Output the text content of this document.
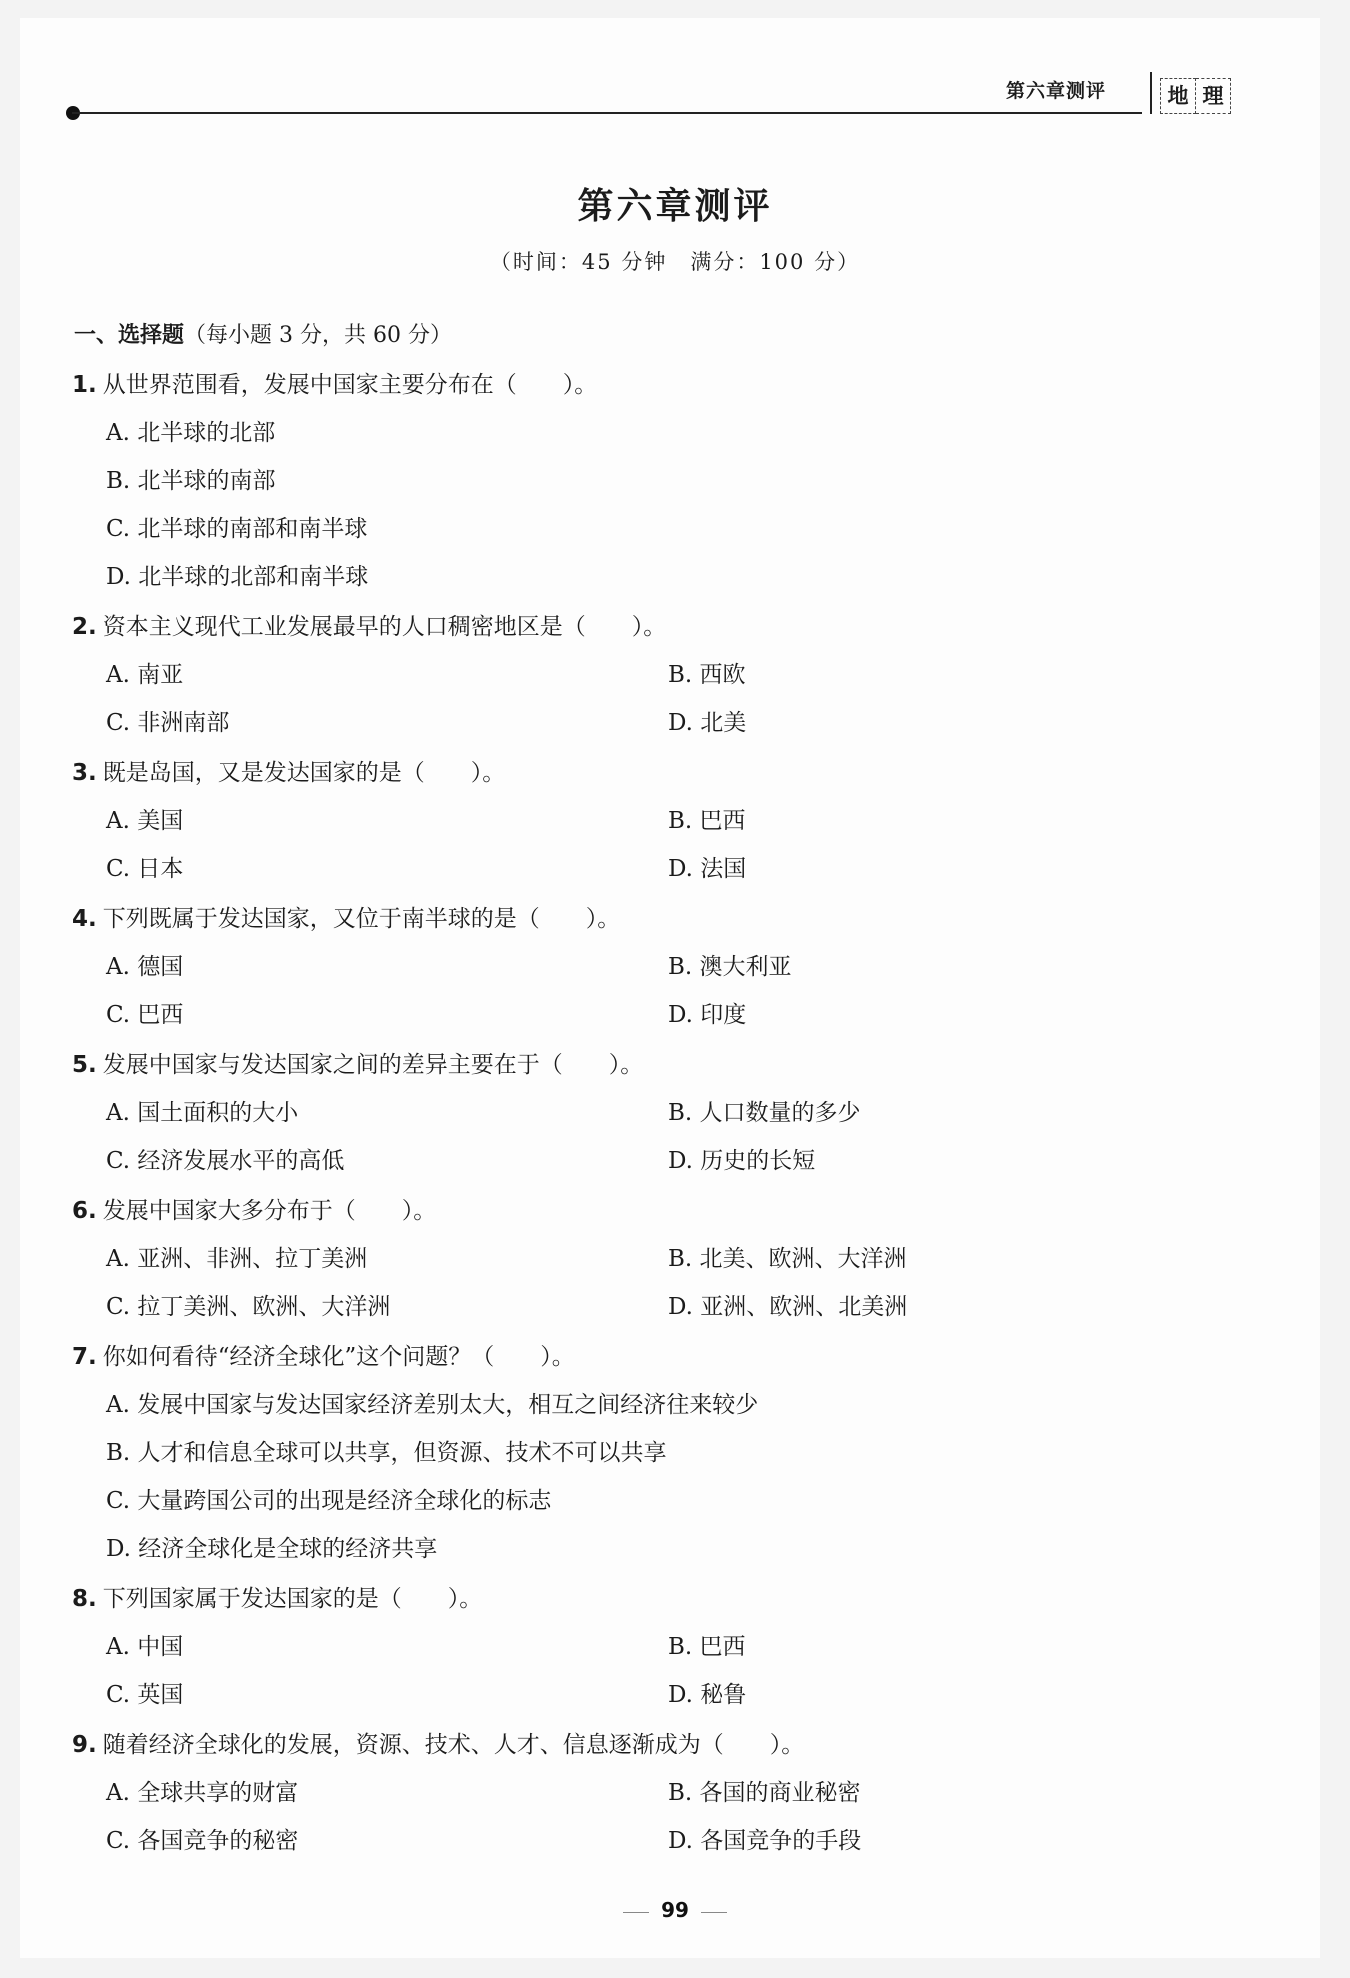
第六章测评	地 理
第六章测评
（时间：45 分钟　满分：100 分）
一、选择题（每小题 3 分，共 60 分）
1. 从世界范围看，发展中国家主要分布在（　　）。
A. 北半球的北部
B. 北半球的南部
C. 北半球的南部和南半球
D. 北半球的北部和南半球
2. 资本主义现代工业发展最早的人口稠密地区是（　　）。
A. 南亚	B. 西欧
C. 非洲南部	D. 北美
3. 既是岛国，又是发达国家的是（　　）。
A. 美国	B. 巴西
C. 日本	D. 法国
4. 下列既属于发达国家，又位于南半球的是（　　）。
A. 德国	B. 澳大利亚
C. 巴西	D. 印度
5. 发展中国家与发达国家之间的差异主要在于（　　）。
A. 国土面积的大小	B. 人口数量的多少
C. 经济发展水平的高低	D. 历史的长短
6. 发展中国家大多分布于（　　）。
A. 亚洲、非洲、拉丁美洲	B. 北美、欧洲、大洋洲
C. 拉丁美洲、欧洲、大洋洲	D. 亚洲、欧洲、北美洲
7. 你如何看待“经济全球化”这个问题？（　　）。
A. 发展中国家与发达国家经济差别太大，相互之间经济往来较少
B. 人才和信息全球可以共享，但资源、技术不可以共享
C. 大量跨国公司的出现是经济全球化的标志
D. 经济全球化是全球的经济共享
8. 下列国家属于发达国家的是（　　）。
A. 中国	B. 巴西
C. 英国	D. 秘鲁
9. 随着经济全球化的发展，资源、技术、人才、信息逐渐成为（　　）。
A. 全球共享的财富	B. 各国的商业秘密
C. 各国竞争的秘密	D. 各国竞争的手段
99
